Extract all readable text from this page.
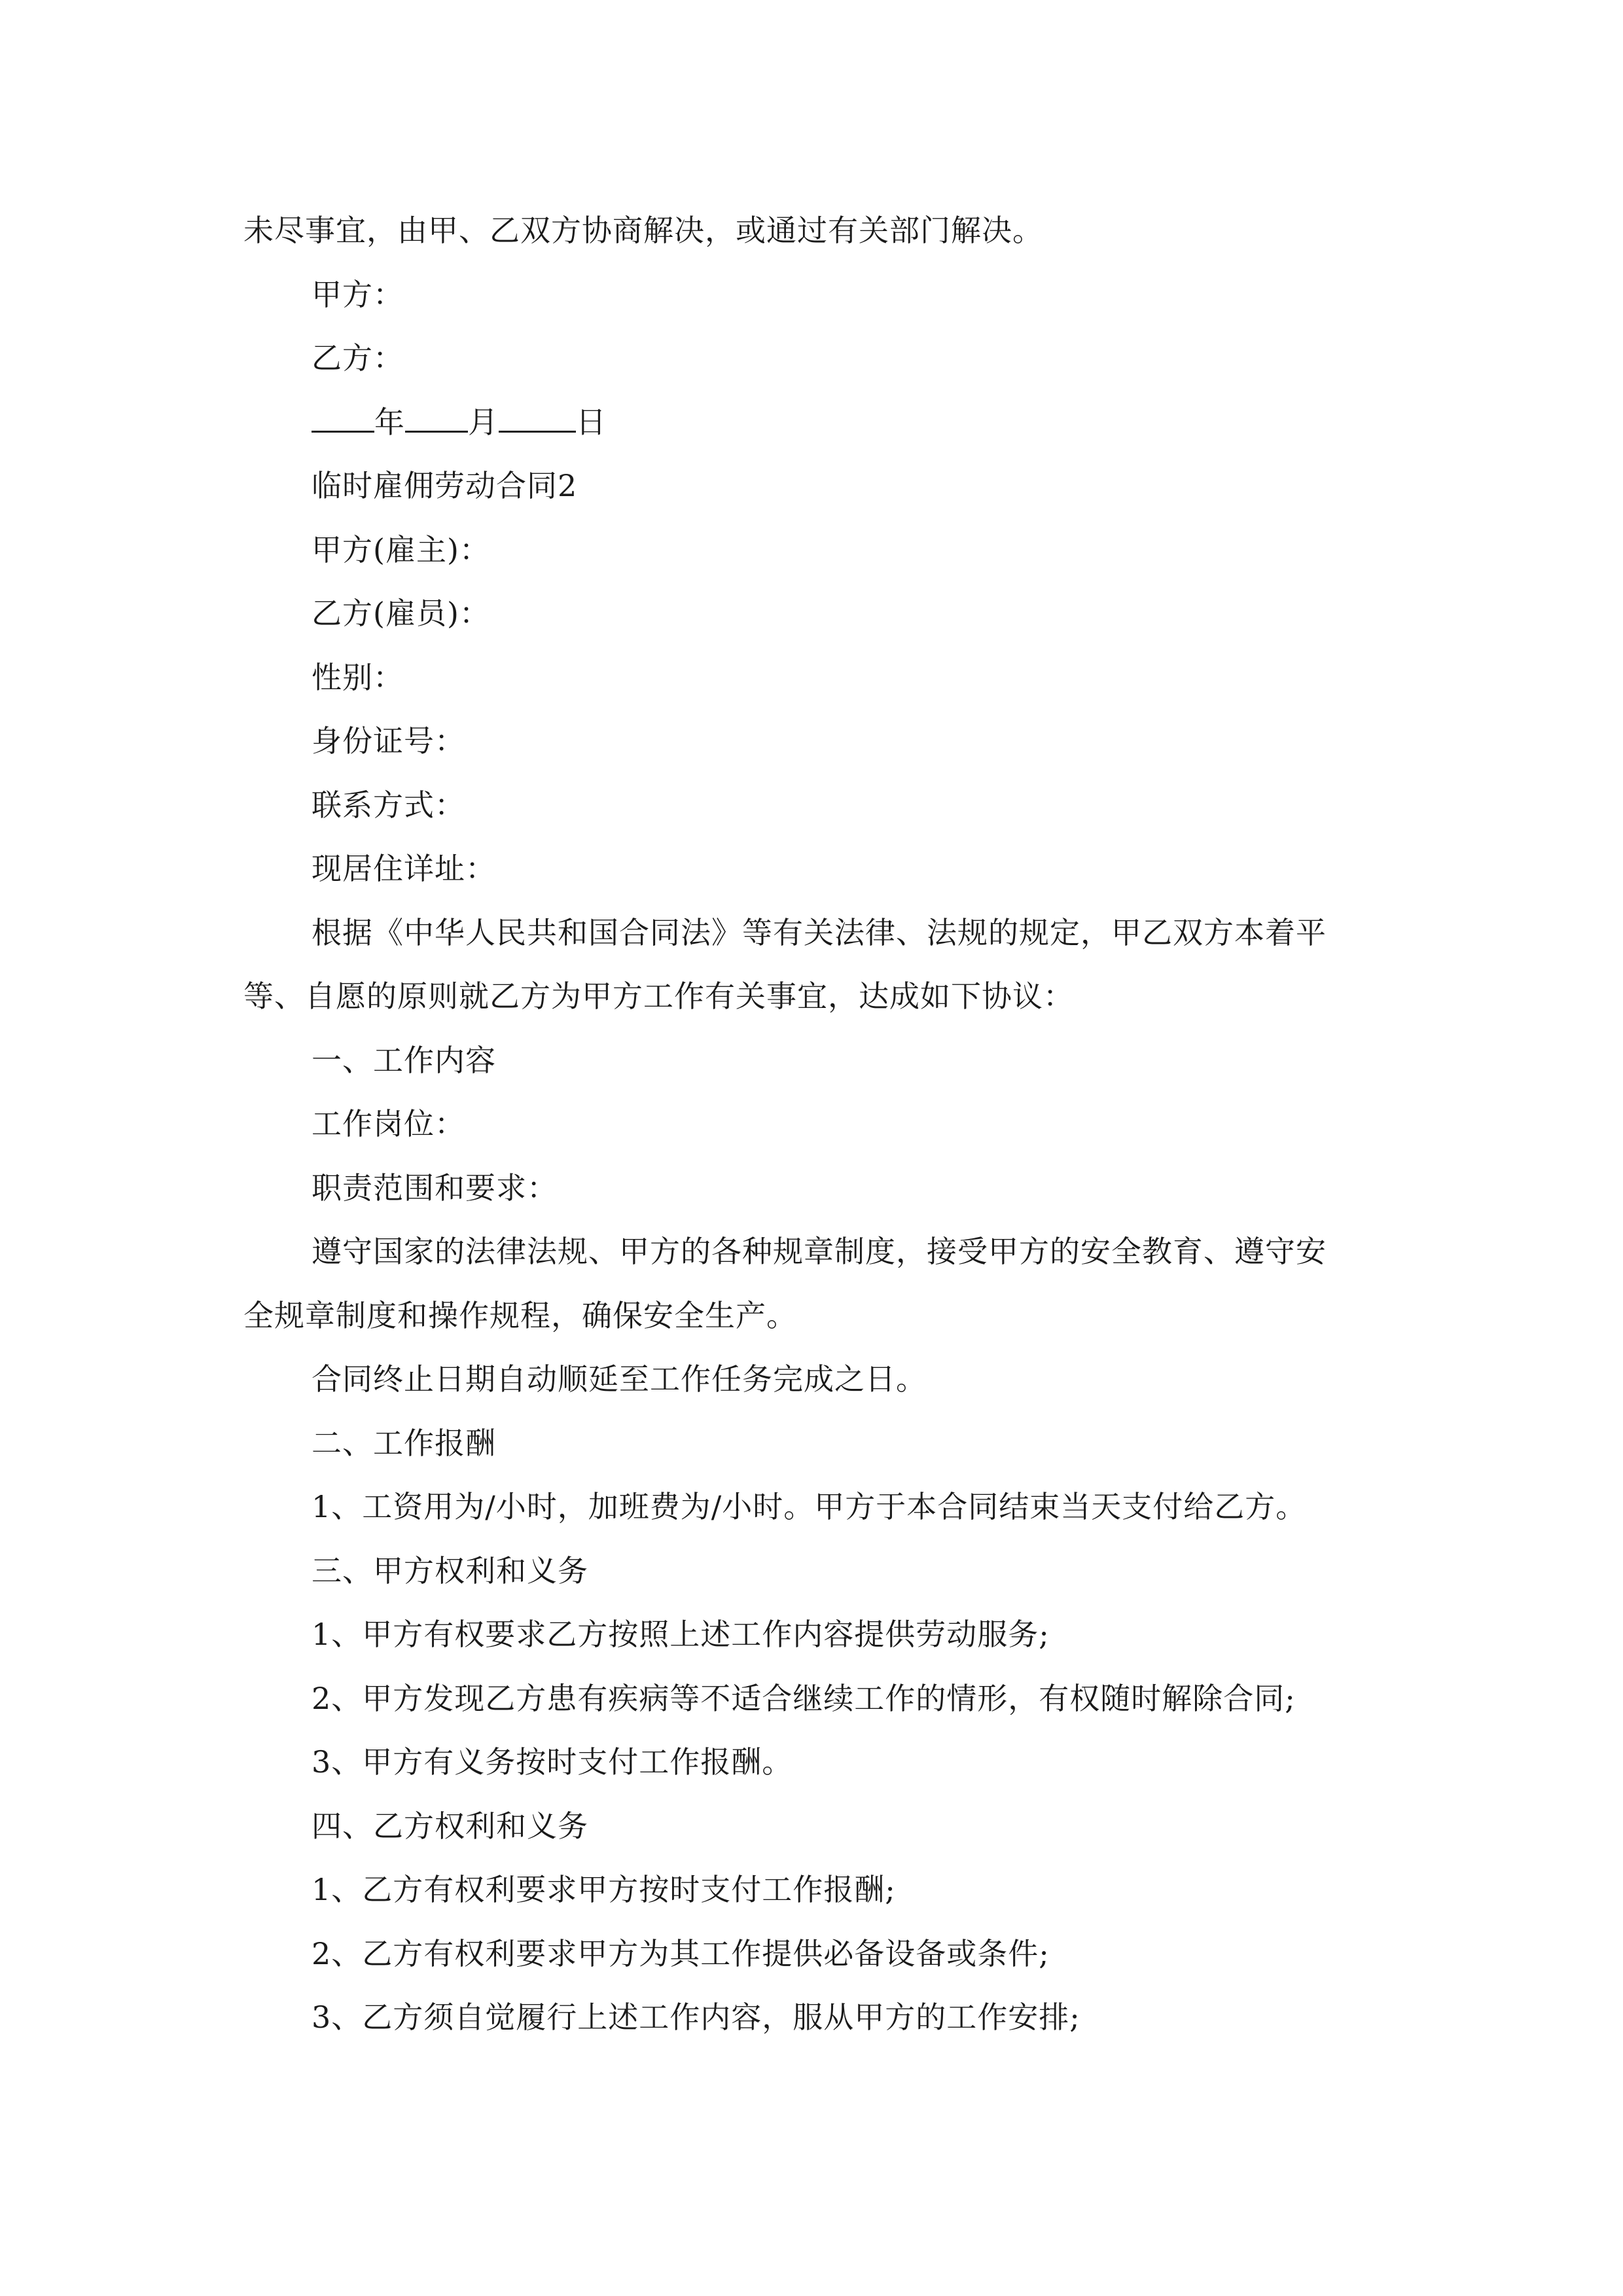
未尽事宜，由甲、乙双方协商解决，或通过有关部门解决。
甲方：
乙方：
年 月	日
临时雇佣劳动合同2
甲方(雇主)：
乙方(雇员)：
性别：
身份证号：
联系方式：
现居住详址：
根据《中华人民共和国合同法》等有关法律、法规的规定，甲乙双方本着平
等、自愿的原则就乙方为甲方工作有关事宜，达成如下协议：
一、工作内容
工作岗位：
职责范围和要求：
遵守国家的法律法规、甲方的各种规章制度，接受甲方的安全教育、遵守安
全规章制度和操作规程，确保安全生产。
合同终止日期自动顺延至工作任务完成之日。
二、工作报酬
1、工资用为/小时，加班费为/小时。甲方于本合同结束当天支付给乙方。
三、甲方权利和义务
1、甲方有权要求乙方按照上述工作内容提供劳动服务;
2、甲方发现乙方患有疾病等不适合继续工作的情形，有权随时解除合同;
3、甲方有义务按时支付工作报酬。
四、乙方权利和义务
1、乙方有权利要求甲方按时支付工作报酬;
2、乙方有权利要求甲方为其工作提供必备设备或条件;
3、乙方须自觉履行上述工作内容，服从甲方的工作安排;
